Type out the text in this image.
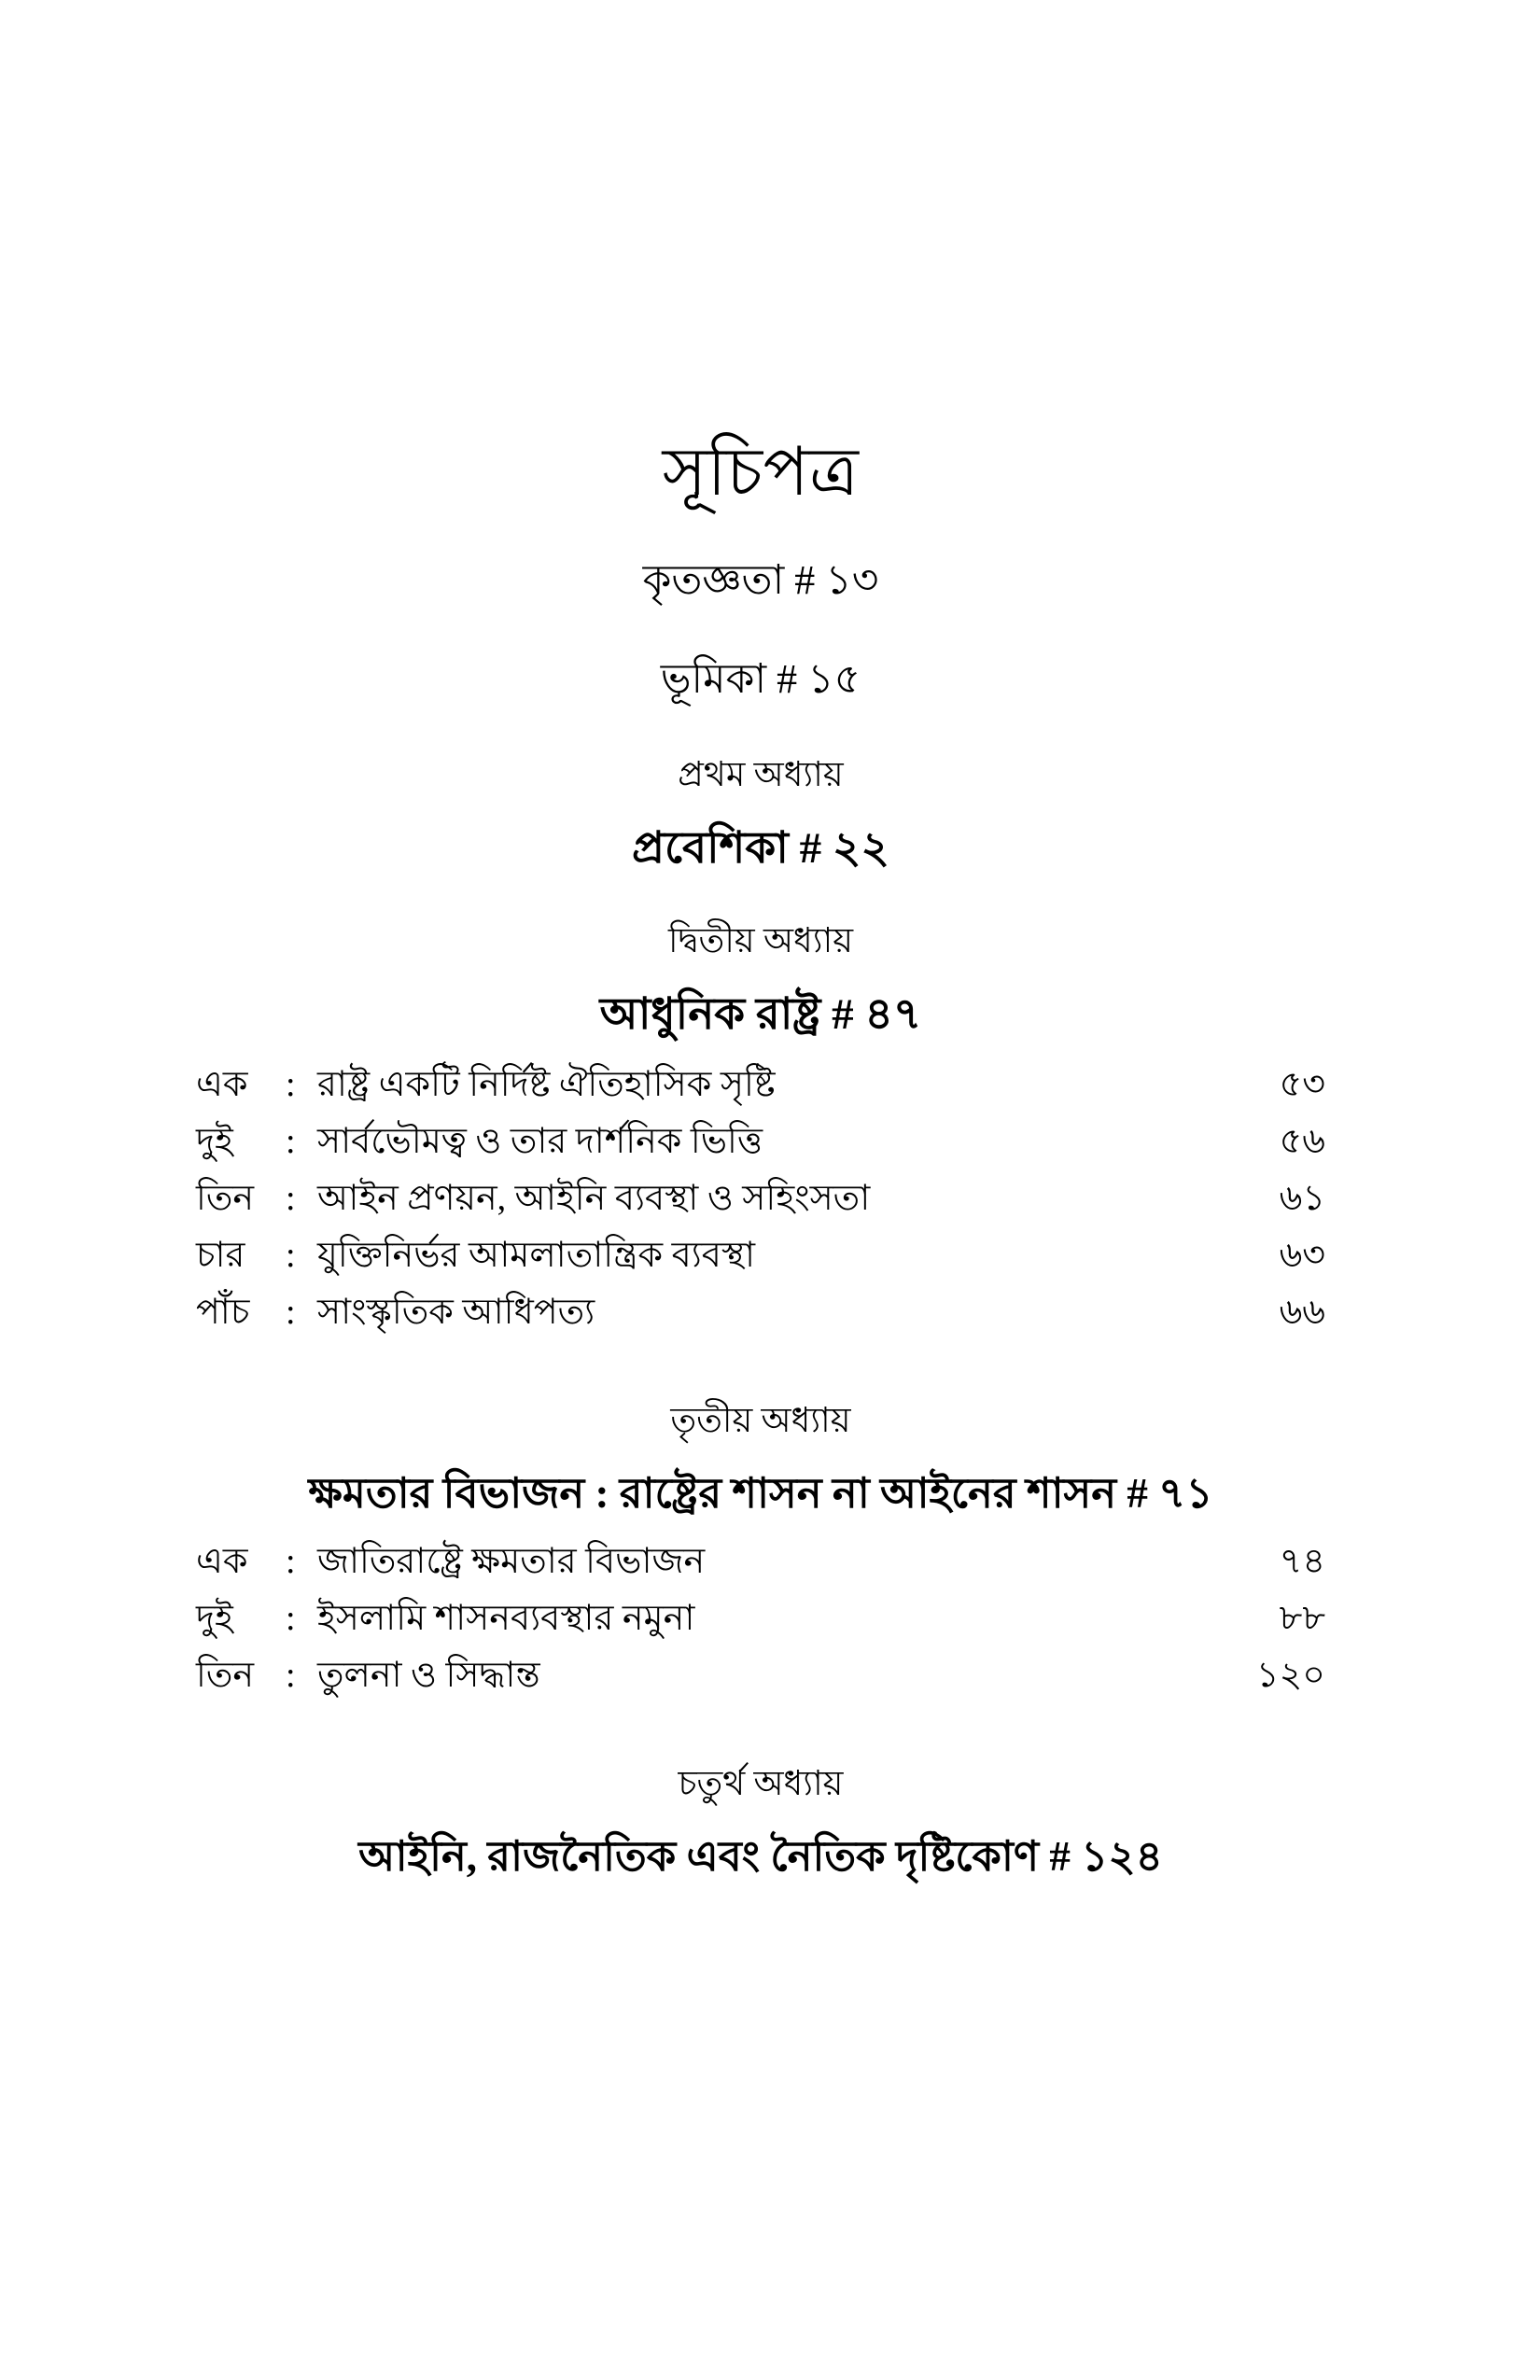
সূচিপত্র
কৃতজ্ঞতা # ১৩
ভূমিকা # ১৫
প্রথম অধ্যায়
প্রবেশিকা # ২২
দ্বিতীয় অধ্যায়
আধুনিক রাষ্ট্র # ৪৭
এক	: রাষ্ট্র একটি নির্দিষ্ট ঐতিহাসিক সৃষ্টি	৫৩
দুই	: সার্বভৌমত্ব ও তার দার্শনিক ভিত্তি	৫৬
তিন : আইন প্রণয়ন, আইনি ব্যবস্থা ও সহিংসতা	৬১
চার	: যুক্তিনির্ভর আমলাতান্ত্রিক ব্যবস্থা	৬৩
পাঁচ	: সাংস্কৃতিক আধিপত্য	৬৬
তৃতীয় অধ্যায়
ক্ষমতার বিভাজন : রাষ্ট্রের শাসন না আইনের শাসন # ৭১
এক	: জাতিরাষ্ট্রে ক্ষমতার বিভাজন	৭৪
দুই	: ইসলামি শাসনব্যবস্থার নমুনা	৮৮
তিন : তুলনা ও সিদ্ধান্ত	১২০
চতুর্থ অধ্যায়
আইনি, রাজনৈতিক এবং নৈতিক দৃষ্টিকোণ # ১২৪
